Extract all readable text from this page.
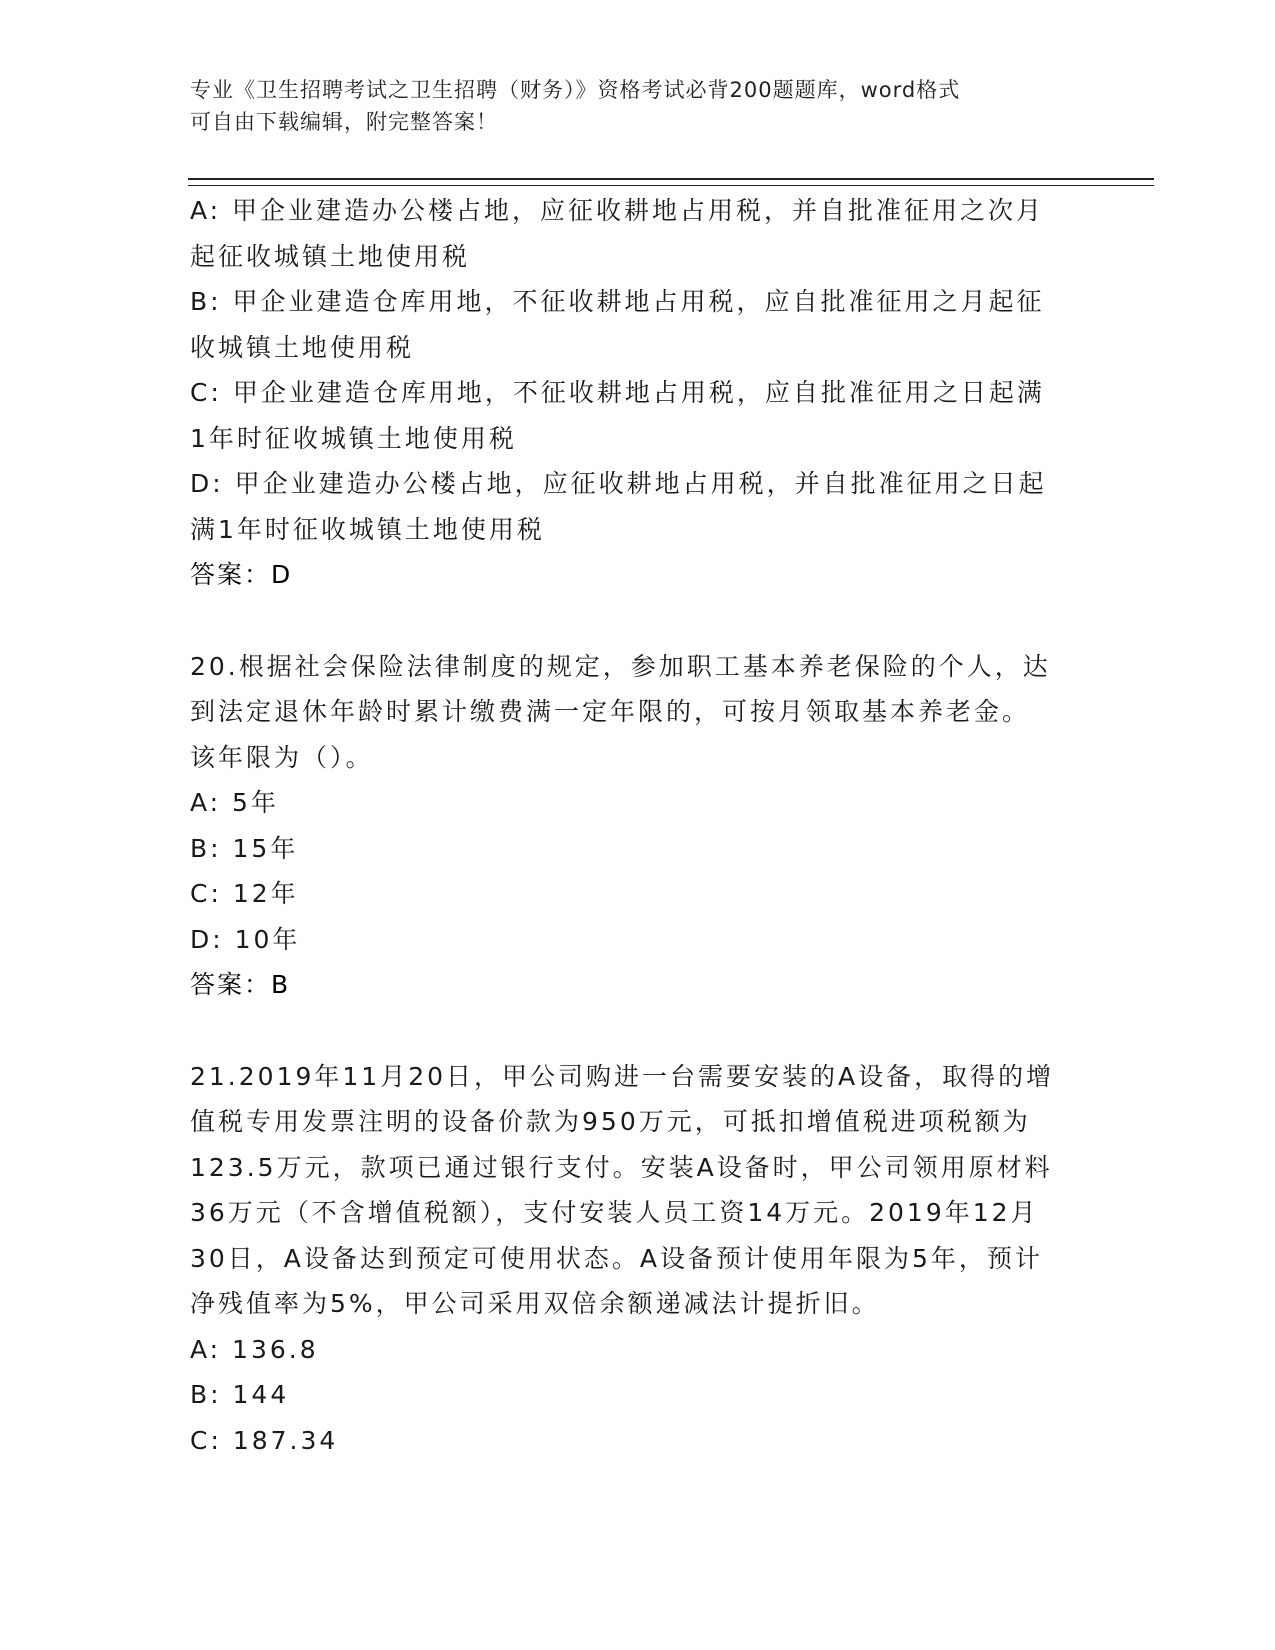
专业《卫生招聘考试之卫生招聘（财务）》资格考试必背200题题库，word格式
可自由下载编辑，附完整答案！
A: 甲企业建造办公楼占地，应征收耕地占用税，并自批准征用之次月
起征收城镇土地使用税
B: 甲企业建造仓库用地，不征收耕地占用税，应自批准征用之月起征
收城镇土地使用税
C: 甲企业建造仓库用地，不征收耕地占用税，应自批准征用之日起满
1年时征收城镇土地使用税
D: 甲企业建造办公楼占地，应征收耕地占用税，并自批准征用之日起
满1年时征收城镇土地使用税
答案：D
20.根据社会保险法律制度的规定，参加职工基本养老保险的个人，达
到法定退休年龄时累计缴费满一定年限的，可按月领取基本养老金。
该年限为（）。
A: 5年
B: 15年
C: 12年
D: 10年
答案：B
21.2019年11月20日，甲公司购进一台需要安装的A设备，取得的增
值税专用发票注明的设备价款为950万元，可抵扣增值税进项税额为
123.5万元，款项已通过银行支付。安装A设备时，甲公司领用原材料
36万元（不含增值税额），支付安装人员工资14万元。2019年12月
30日，A设备达到预定可使用状态。A设备预计使用年限为5年，预计
净残值率为5%，甲公司采用双倍余额递减法计提折旧。
A: 136.8
B: 144
C: 187.34
